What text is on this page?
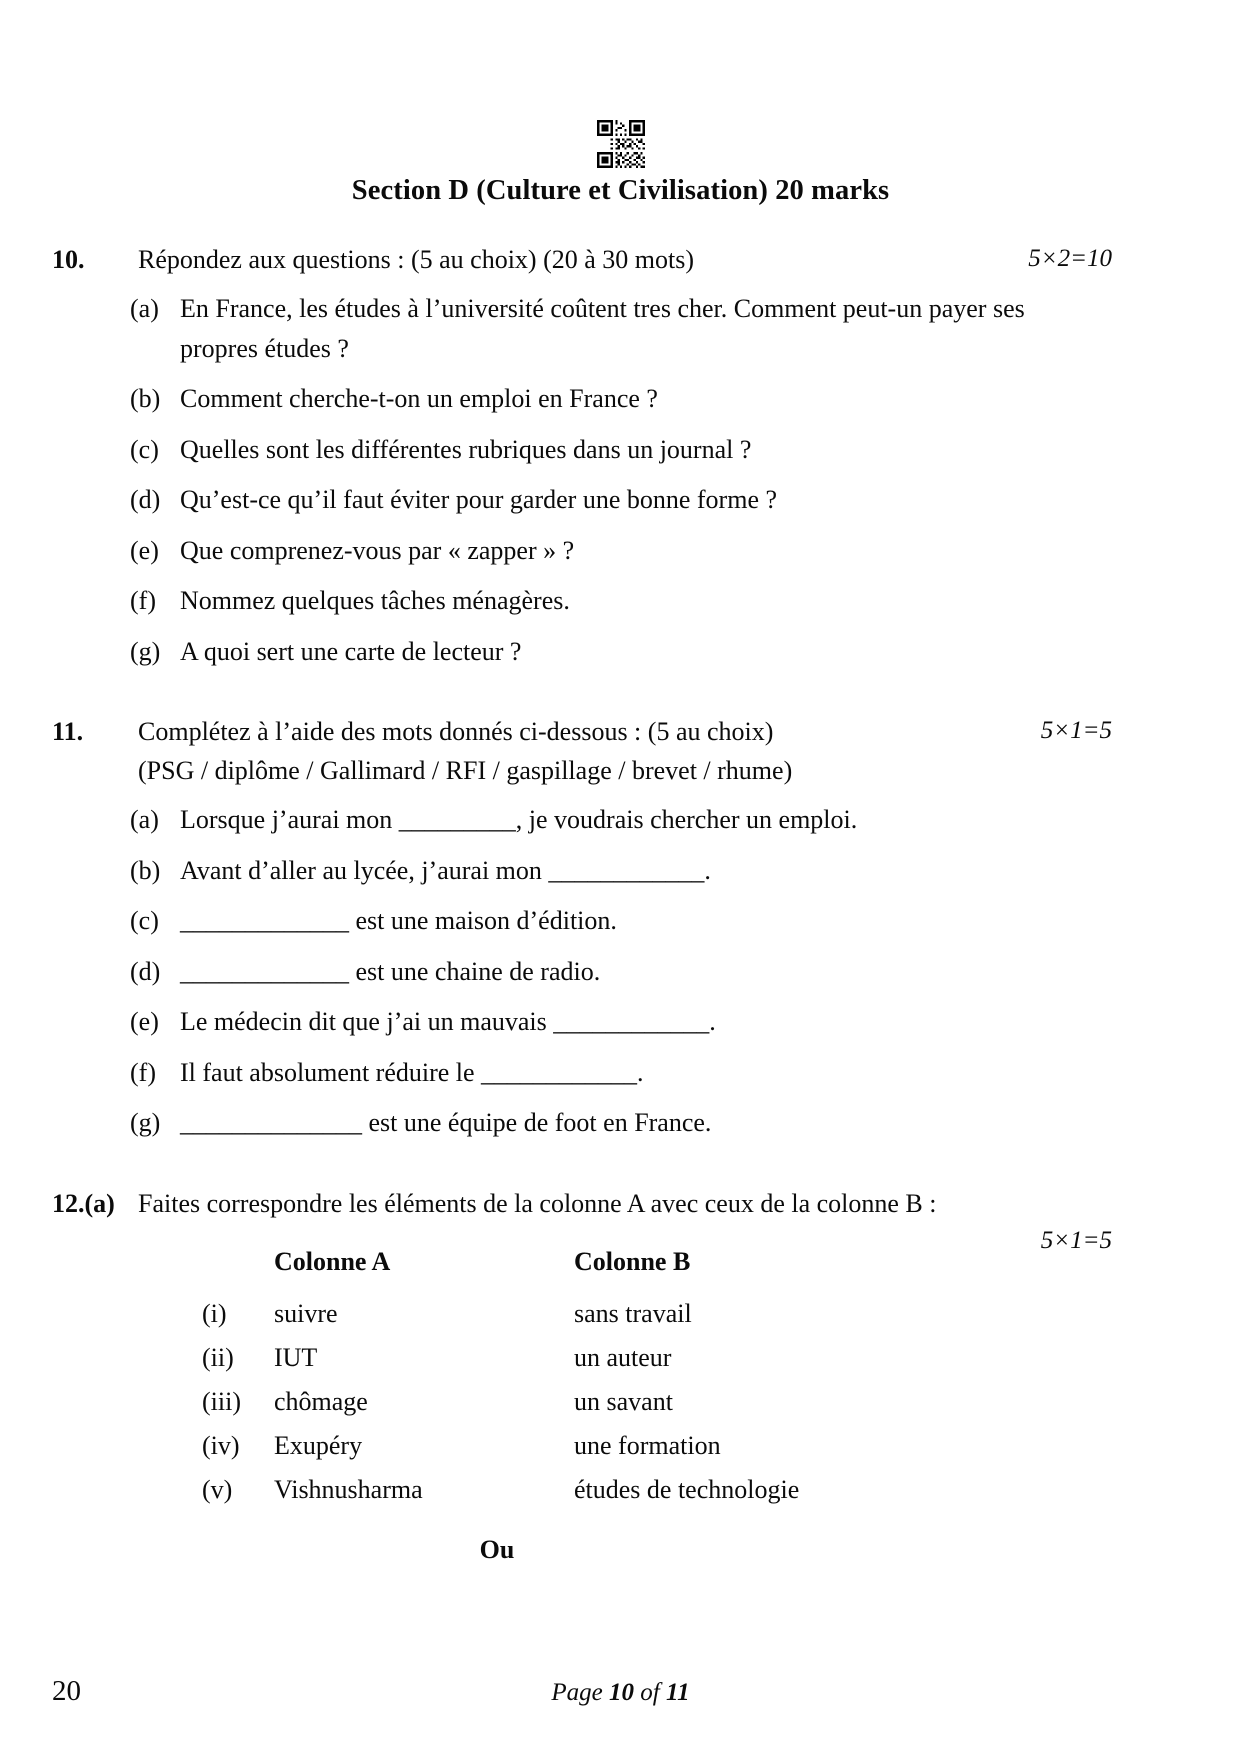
Section D (Culture et Civilisation) 20 marks
10.	Répondez aux questions : (5 au choix) (20 à 30 mots)	5×2=10
(a) En France, les études à l’université coûtent tres cher. Comment peut-un payer ses propres études ?
(b) Comment cherche-t-on un emploi en France ?
(c) Quelles sont les différentes rubriques dans un journal ?
(d) Qu’est-ce qu’il faut éviter pour garder une bonne forme ?
(e) Que comprenez-vous par « zapper » ?
(f) Nommez quelques tâches ménagères.
(g) A quoi sert une carte de lecteur ?
11.	Complétez à l’aide des mots donnés ci-dessous : (5 au choix)	5×1=5
(PSG / diplôme / Gallimard / RFI / gaspillage / brevet / rhume)
(a) Lorsque j’aurai mon _________, je voudrais chercher un emploi.
(b) Avant d’aller au lycée, j’aurai mon ____________.
(c) _____________ est une maison d’édition.
(d) _____________ est une chaine de radio.
(e) Le médecin dit que j’ai un mauvais ____________.
(f) Il faut absolument réduire le ____________.
(g) ______________ est une équipe de foot en France.
12.(a) Faites correspondre les éléments de la colonne A avec ceux de la colonne B :
5×1=5
Colonne A	Colonne B
(i)	suivre	sans travail
(ii)	IUT	un auteur
(iii)	chômage	un savant
(iv)	Exupéry	une formation
(v)	Vishnusharma	études de technologie
Ou
20	Page 10 of 11
